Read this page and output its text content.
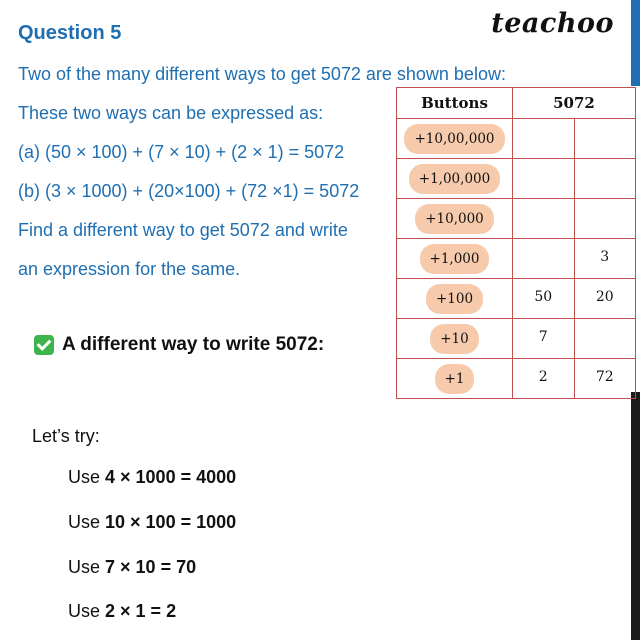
Question 5	teachoo
Two of the many different ways to get 5072 are shown below:
These two ways can be expressed as:
(a) (50 × 100) + (7 × 10) + (2 × 1) = 5072
(b) (3 × 1000) + (20×100) + (72 ×1) = 5072
Find a different way to get 5072 and write
an expression for the same.
Buttons	5072	
+10,00,000		
+1,00,000		
+10,000		
+1,000		3
+100	50	20
+10	7	
+1	2	72
A different way to write 5072:
Let’s try:
Use 4 × 1000 = 4000
Use 10 × 100 = 1000
Use 7 × 10 = 70
Use 2 × 1 = 2
